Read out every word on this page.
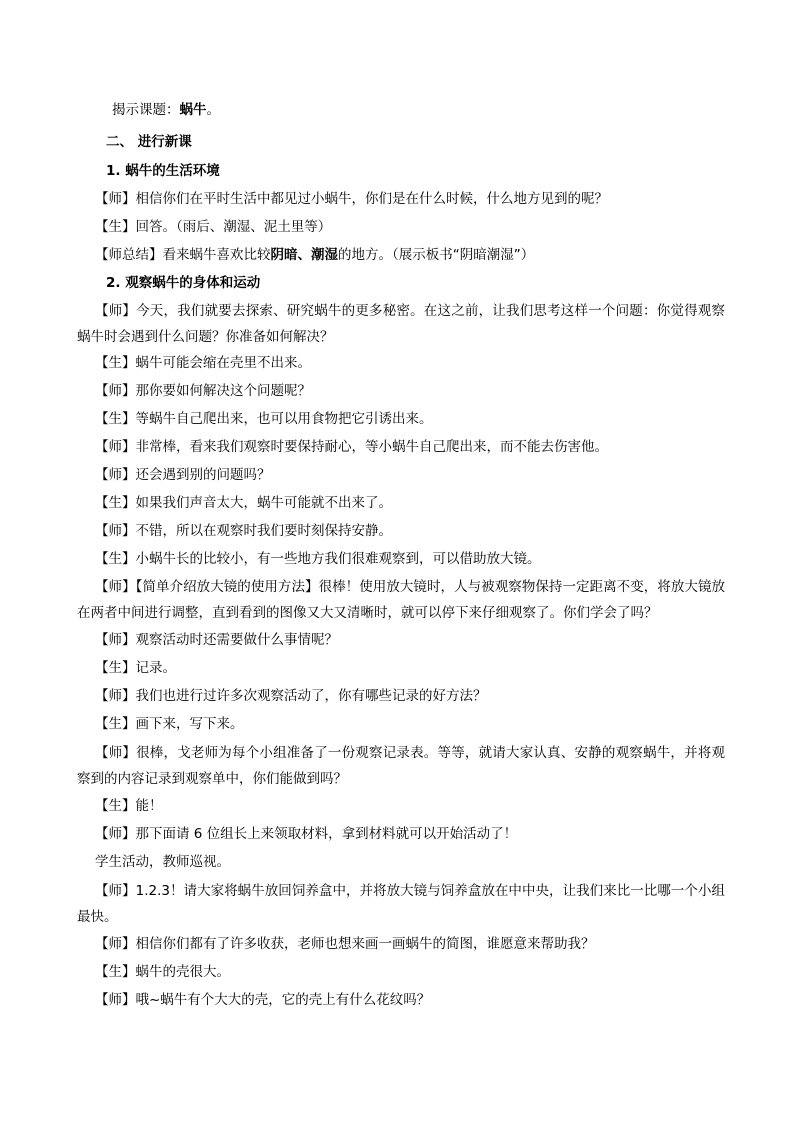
揭示课题：蜗牛。
二、 进行新课
1. 蜗牛的生活环境
【师】相信你们在平时生活中都见过小蜗牛，你们是在什么时候，什么地方见到的呢？
【生】回答。（雨后、潮湿、泥土里等）
【师总结】看来蜗牛喜欢比较阴暗、潮湿的地方。（展示板书“阴暗潮湿”）
2. 观察蜗牛的身体和运动
【师】今天，我们就要去探索、研究蜗牛的更多秘密。在这之前，让我们思考这样一个问题：你觉得观察蜗牛时会遇到什么问题？你准备如何解决？
【生】蜗牛可能会缩在壳里不出来。
【师】那你要如何解决这个问题呢？
【生】等蜗牛自己爬出来，也可以用食物把它引诱出来。
【师】非常棒，看来我们观察时要保持耐心，等小蜗牛自己爬出来，而不能去伤害他。
【师】还会遇到别的问题吗？
【生】如果我们声音太大，蜗牛可能就不出来了。
【师】不错，所以在观察时我们要时刻保持安静。
【生】小蜗牛长的比较小，有一些地方我们很难观察到，可以借助放大镜。
【师】【简单介绍放大镜的使用方法】很棒！使用放大镜时，人与被观察物保持一定距离不变，将放大镜放在两者中间进行调整，直到看到的图像又大又清晰时，就可以停下来仔细观察了。你们学会了吗？
【师】观察活动时还需要做什么事情呢？
【生】记录。
【师】我们也进行过许多次观察活动了，你有哪些记录的好方法？
【生】画下来，写下来。
【师】很棒，戈老师为每个小组准备了一份观察记录表。等等，就请大家认真、安静的观察蜗牛，并将观察到的内容记录到观察单中，你们能做到吗？
【生】能！
【师】那下面请 6 位组长上来领取材料，拿到材料就可以开始活动了！
学生活动，教师巡视。
【师】1.2.3！请大家将蜗牛放回饲养盒中，并将放大镜与饲养盒放在中中央，让我们来比一比哪一个小组最快。
【师】相信你们都有了许多收获，老师也想来画一画蜗牛的简图，谁愿意来帮助我？
【生】蜗牛的壳很大。
【师】哦~蜗牛有个大大的壳，它的壳上有什么花纹吗？
